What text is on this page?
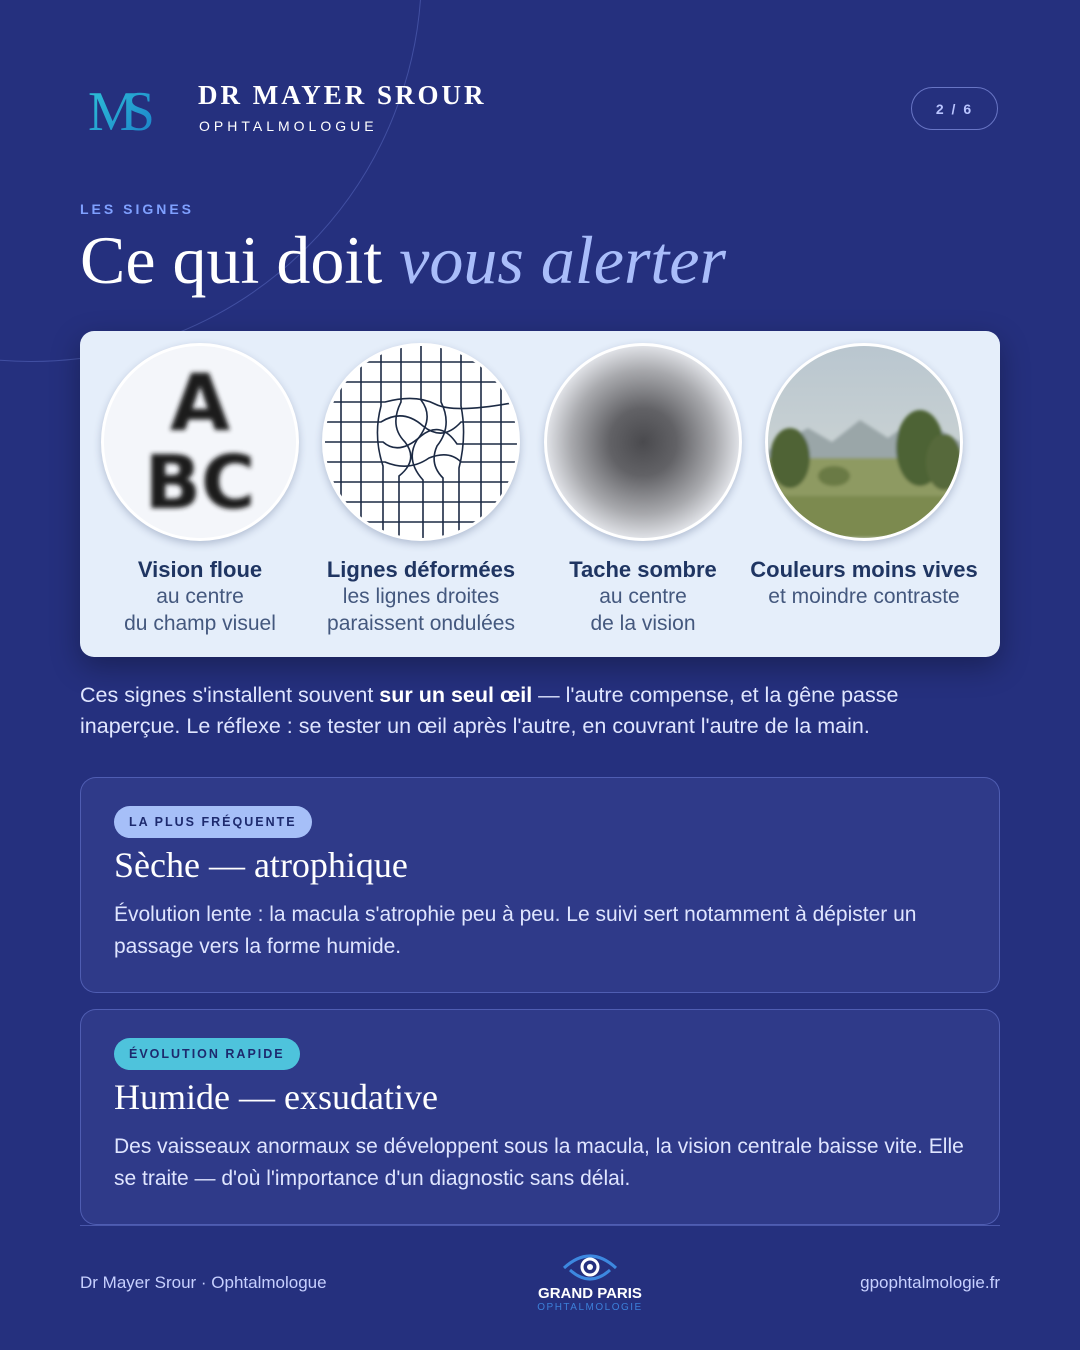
MS	DR MAYER SROUR
OPHTALMOLOGUE
2 / 6
LES SIGNES
Ce qui doit vous alerter
A
BC
Vision floue
au centre
du champ visuel
Lignes déformées
les lignes droites
paraissent ondulées
Tache sombre
au centre
de la vision
Couleurs moins vives
et moindre contraste

Ces signes s'installent souvent sur un seul œil — l'autre compense, et la gêne passe inaperçue. Le réflexe : se tester un œil après l'autre, en couvrant l'autre de la main.

LA PLUS FRÉQUENTE
Sèche — atrophique

Évolution lente : la macula s'atrophie peu à peu. Le suivi sert notamment à dépister un passage vers la forme humide.

ÉVOLUTION RAPIDE
Humide — exsudative

Des vaisseaux anormaux se développent sous la macula, la vision centrale baisse vite. Elle se traite — d'où l'importance d'un diagnostic sans délai.

Dr Mayer Srour · Ophtalmologue
GRAND PARIS
OPHTALMOLOGIE
gpophtalmologie.fr
